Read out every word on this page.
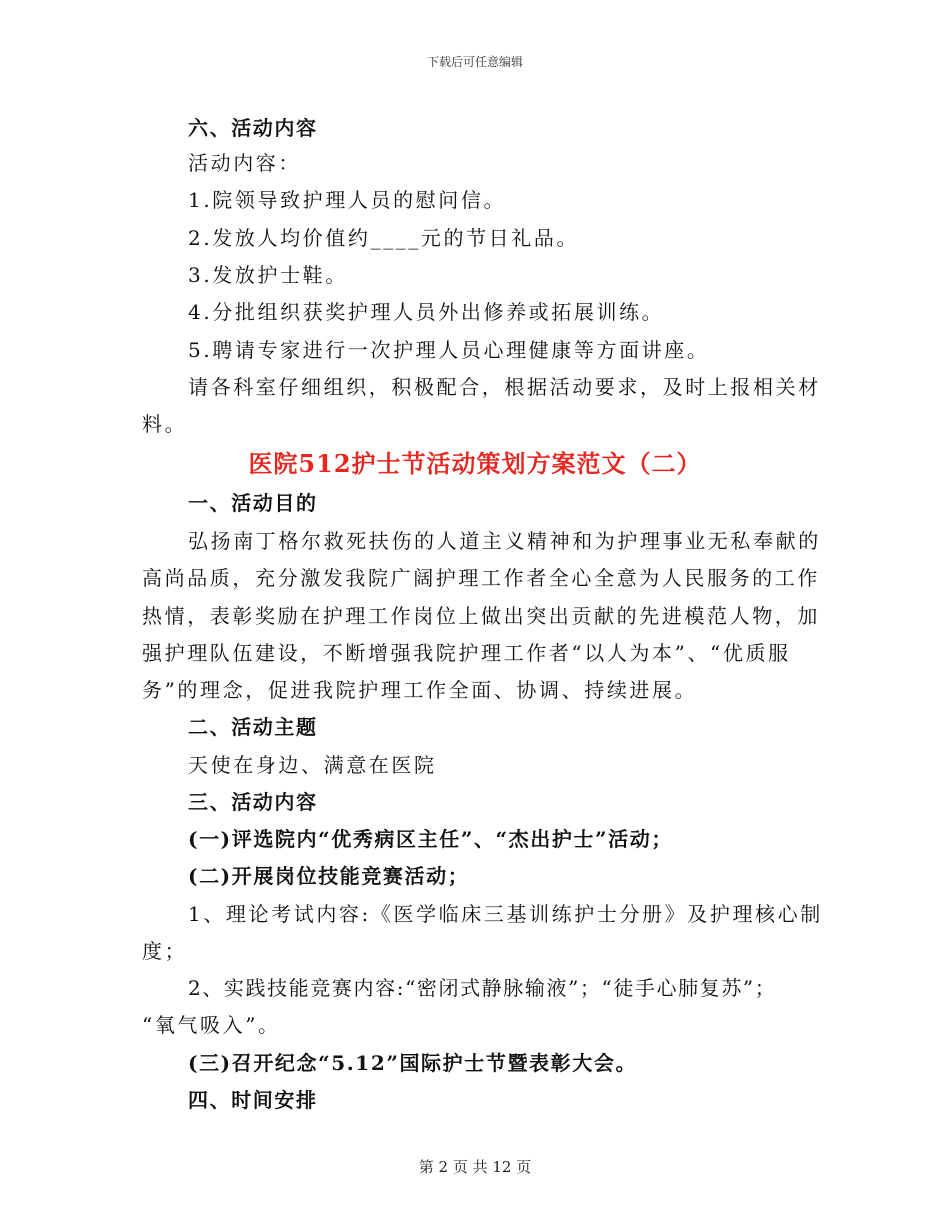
下载后可任意编辑
六、活动内容
活动内容：
1.院领导致护理人员的慰问信。
2.发放人均价值约____元的节日礼品。
3.发放护士鞋。
4.分批组织获奖护理人员外出修养或拓展训练。
5.聘请专家进行一次护理人员心理健康等方面讲座。
请各科室仔细组织，积极配合，根据活动要求，及时上报相关材
料。
医院512护士节活动策划方案范文（二）
一、活动目的
弘扬南丁格尔救死扶伤的人道主义精神和为护理事业无私奉献的
高尚品质，充分激发我院广阔护理工作者全心全意为人民服务的工作
热情，表彰奖励在护理工作岗位上做出突出贡献的先进模范人物，加
强护理队伍建设，不断增强我院护理工作者“以人为本”、“优质服
务”的理念，促进我院护理工作全面、协调、持续进展。
二、活动主题
天使在身边、满意在医院
三、活动内容
(一)评选院内“优秀病区主任”、“杰出护士”活动；
(二)开展岗位技能竞赛活动；
1、理论考试内容:《医学临床三基训练护士分册》及护理核心制
度；
2、实践技能竞赛内容:“密闭式静脉输液”；“徒手心肺复苏”；
“氧气吸入”。
(三)召开纪念“5.12”国际护士节暨表彰大会。
四、时间安排
第 2 页 共 12 页
